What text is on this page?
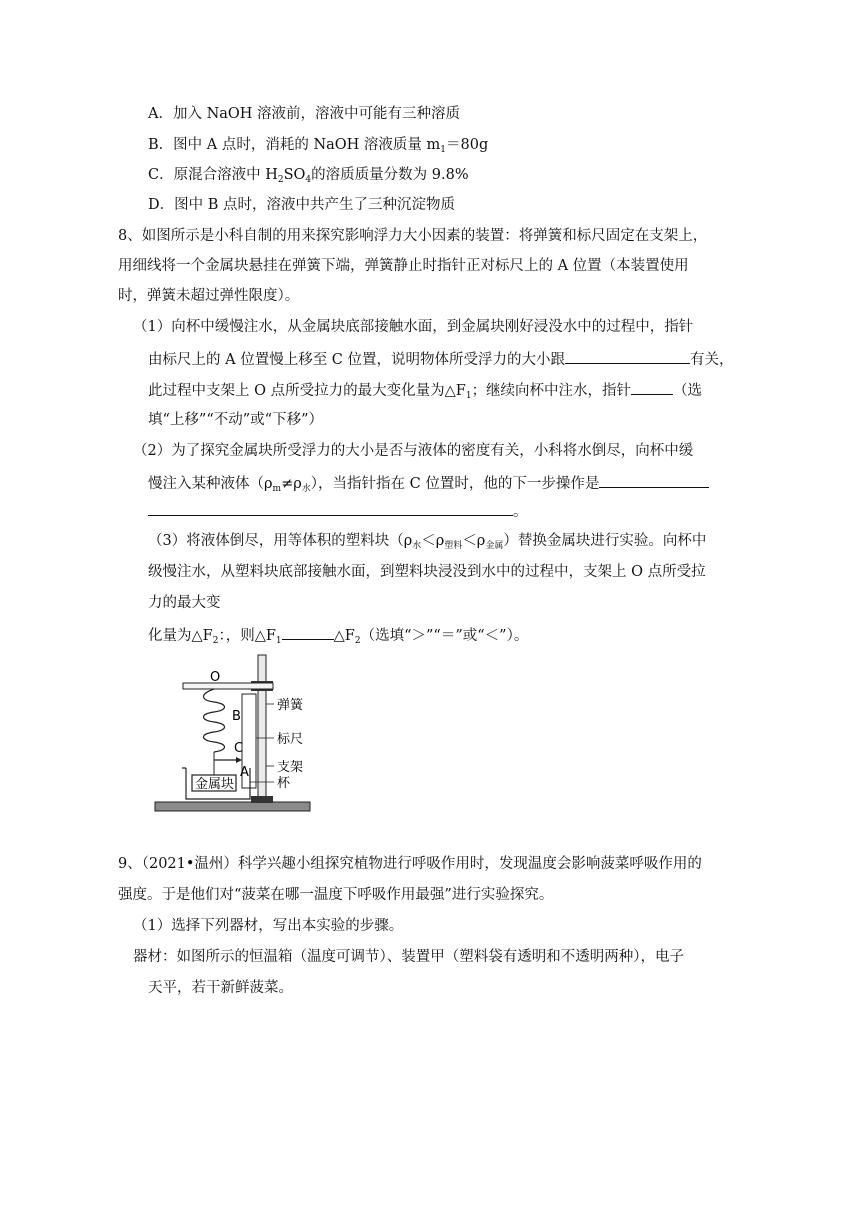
A．加入 NaOH 溶液前，溶液中可能有三种溶质
B．图中 A 点时，消耗的 NaOH 溶液质量 $m_1=80g$
C．原混合溶液中 $H_2SO_4$的溶质质量分数为 9.8%
D．图中 B 点时，溶液中共产生了三种沉淀物质
8、如图所示是小科自制的用来探究影响浮力大小因素的装置：将弹簧和标尺固定在支架上，
用细线将一个金属块悬挂在弹簧下端，弹簧静止时指针正对标尺上的 A 位置（本装置使用
时，弹簧未超过弹性限度）。
（1）向杯中缓慢注水，从金属块底部接触水面，到金属块刚好浸没水中的过程中，指针
由标尺上的 A 位置慢上移至 C 位置，说明物体所受浮力的大小跟	有关，
此过程中支架上 O 点所受拉力的最大变化量为$\triangle F_1$；继续向杯中注水，指针	（选
填“上移”“不动”或“下移”）
（2）为了探究金属块所受浮力的大小是否与液体的密度有关，小科将水倒尽，向杯中缓
慢注入某种液体$(\rho_m\ne\rho_水)$，当指针指在 C 位置时，他的下一步操作是
。
（3）将液体倒尽，用等体积的塑料块$(\rho_水<\rho_{塑料}<\rho_{金属})$替换金属块进行实验。向杯中
级慢注水，从塑料块底部接触水面，到塑料块浸没到水中的过程中，支架上 O 点所受拉
力的最大变
化量为$\triangle F_2$：，则$\triangle F_1$	$\triangle F_2$（选填“＞”“＝”或“＜”）。
O
B
C
A
弹簧
标尺
支架
杯
金属块
9、（2021•温州）科学兴趣小组探究植物进行呼吸作用时，发现温度会影响菠菜呼吸作用的
强度。于是他们对“菠菜在哪一温度下呼吸作用最强”进行实验探究。
（1）选择下列器材，写出本实验的步骤。
器材：如图所示的恒温箱（温度可调节）、装置甲（塑料袋有透明和不透明两种），电子
天平，若干新鲜菠菜。
